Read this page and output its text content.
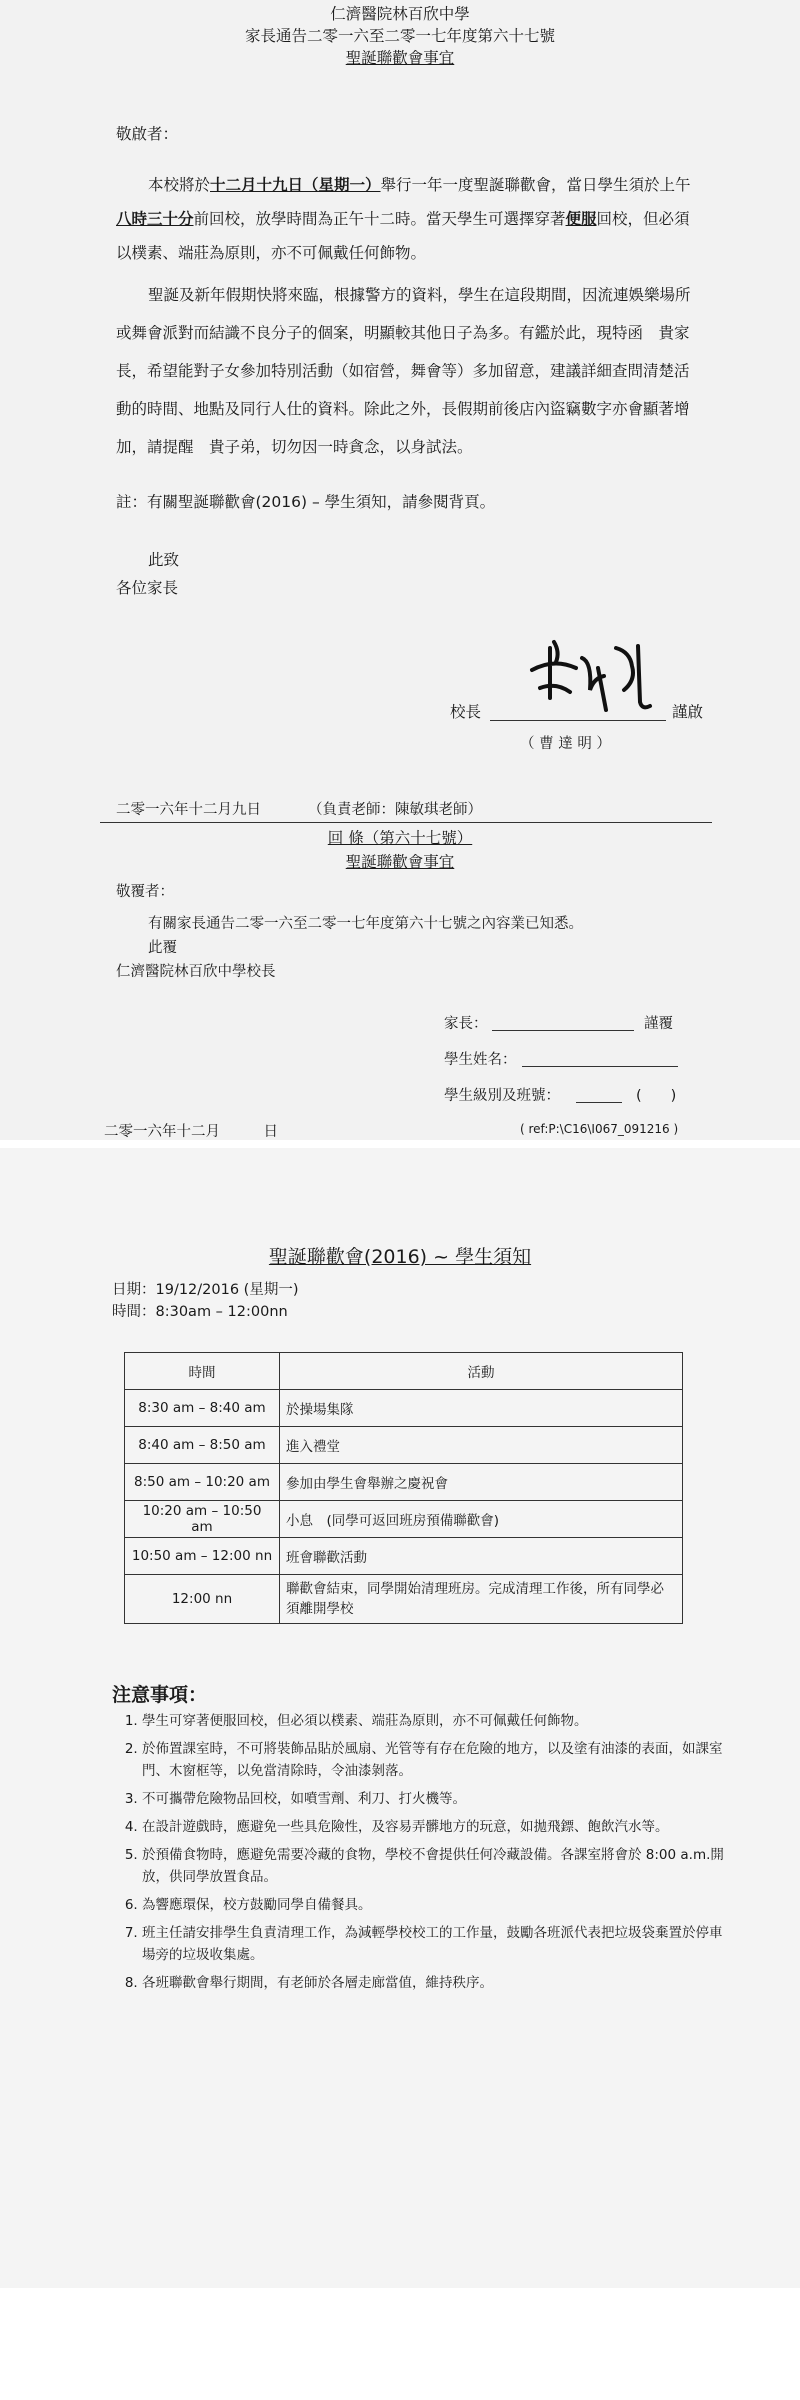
仁濟醫院林百欣中學
家長通告二零一六至二零一七年度第六十七號
聖誕聯歡會事宜
敬啟者：
本校將於十二月十九日（星期一）舉行一年一度聖誕聯歡會，當日學生須於上午
八時三十分前回校，放學時間為正午十二時。當天學生可選擇穿著便服回校，但必須
以樸素、端莊為原則，亦不可佩戴任何飾物。
聖誕及新年假期快將來臨，根據警方的資料，學生在這段期間，因流連娛樂場所
或舞會派對而結識不良分子的個案，明顯較其他日子為多。有鑑於此，現特函　貴家
長，希望能對子女參加特別活動（如宿營，舞會等）多加留意，建議詳細查問清楚活
動的時間、地點及同行人仕的資料。除此之外，長假期前後店內盜竊數字亦會顯著增
加，請提醒　貴子弟，切勿因一時貪念，以身試法。
註：有關聖誕聯歡會(2016) – 學生須知，請參閱背頁。
此致
各位家長
校長	謹啟
（ 曹 達 明 ）
二零一六年十二月九日	（負責老師：陳敏琪老師）
回 條（第六十七號）
聖誕聯歡會事宜
敬覆者：
有關家長通告二零一六至二零一七年度第六十七號之內容業已知悉。
此覆
仁濟醫院林百欣中學校長
家長：	謹覆
學生姓名：
學生級別及班號：	(　　)
二零一六年十二月　　　日	( ref:P:\C16\I067_091216 )
聖誕聯歡會(2016) ~ 學生須知
日期：19/12/2016 (星期一)
時間：8:30am – 12:00nn
時間	活動
8:30 am – 8:40 am	於操場集隊
8:40 am – 8:50 am	進入禮堂
8:50 am – 10:20 am	參加由學生會舉辦之慶祝會
10:20 am – 10:50 am	小息　(同學可返回班房預備聯歡會)
10:50 am – 12:00 nn	班會聯歡活動
12:00 nn	聯歡會結束，同學開始清理班房。完成清理工作後，所有同學必須離開學校
注意事項：
1. 學生可穿著便服回校，但必須以樸素、端莊為原則，亦不可佩戴任何飾物。
2. 於佈置課室時，不可將裝飾品貼於風扇、光管等有存在危險的地方，以及塗有油漆的表面，如課室門、木窗框等，以免當清除時，令油漆剝落。
3. 不可攜帶危險物品回校，如噴雪劑、利刀、打火機等。
4. 在設計遊戲時，應避免一些具危險性，及容易弄髒地方的玩意，如拋飛鏢、飽飲汽水等。
5. 於預備食物時，應避免需要冷藏的食物，學校不會提供任何冷藏設備。各課室將會於 8:00 a.m.開放，供同學放置食品。
6. 為響應環保，校方鼓勵同學自備餐具。
7. 班主任請安排學生負責清理工作，為減輕學校校工的工作量，鼓勵各班派代表把垃圾袋棄置於停車場旁的垃圾收集處。
8. 各班聯歡會舉行期間，有老師於各層走廊當值，維持秩序。
